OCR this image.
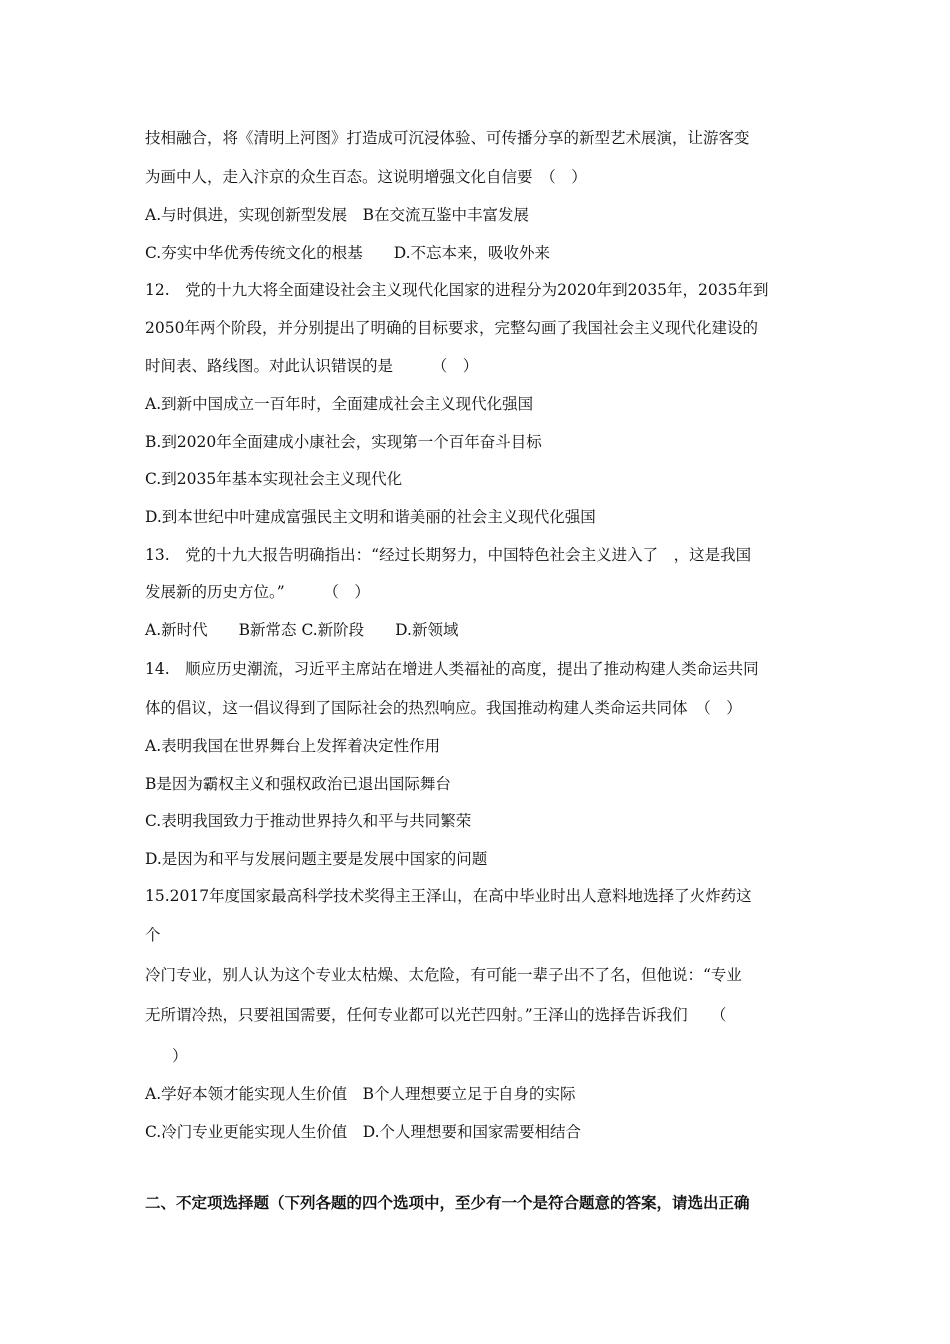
技相融合，将《清明上河图》打造成可沉浸体验、可传播分享的新型艺术展演，让游客变
为画中人，走入汴京的众生百态。这说明增强文化自信要　（　）
A.与时俱进，实现创新型发展　B在交流互鉴中丰富发展
C.夯实中华优秀传统文化的根基　　D.不忘本来，吸收外来
12.　党的十九大将全面建设社会主义现代化国家的进程分为2020年到2035年，2035年到
2050年两个阶段，并分别提出了明确的目标要求，完整勾画了我国社会主义现代化建设的
时间表、路线图。对此认识错误的是　　　（　）
A.到新中国成立一百年时，全面建成社会主义现代化强国
B.到2020年全面建成小康社会，实现第一个百年奋斗目标
C.到2035年基本实现社会主义现代化
D.到本世纪中叶建成富强民主文明和谐美丽的社会主义现代化强国
13.　党的十九大报告明确指出：“经过长期努力，中国特色社会主义进入了　，这是我国
发展新的历史方位。”　　　（　）
A.新时代　　B新常态 C.新阶段　　D.新领域
14.　顺应历史潮流，习近平主席站在增进人类福祉的高度，提出了推动构建人类命运共同
体的倡议，这一倡议得到了国际社会的热烈响应。我国推动构建人类命运共同体　（　）
A.表明我国在世界舞台上发挥着决定性作用
B是因为霸权主义和强权政治已退出国际舞台
C.表明我国致力于推动世界持久和平与共同繁荣
D.是因为和平与发展问题主要是发展中国家的问题
15.2017年度国家最高科学技术奖得主王泽山，在高中毕业时出人意料地选择了火炸药这
个
冷门专业，别人认为这个专业太枯燥、太危险，有可能一辈子出不了名，但他说：“专业
无所谓冷热，只要祖国需要，任何专业都可以光芒四射。”王泽山的选择告诉我们　　（
）
A.学好本领才能实现人生价值　B个人理想要立足于自身的实际
C.冷门专业更能实现人生价值　D.个人理想要和国家需要相结合
二、不定项选择题（下列各题的四个选项中，至少有一个是符合题意的答案，请选出正确
